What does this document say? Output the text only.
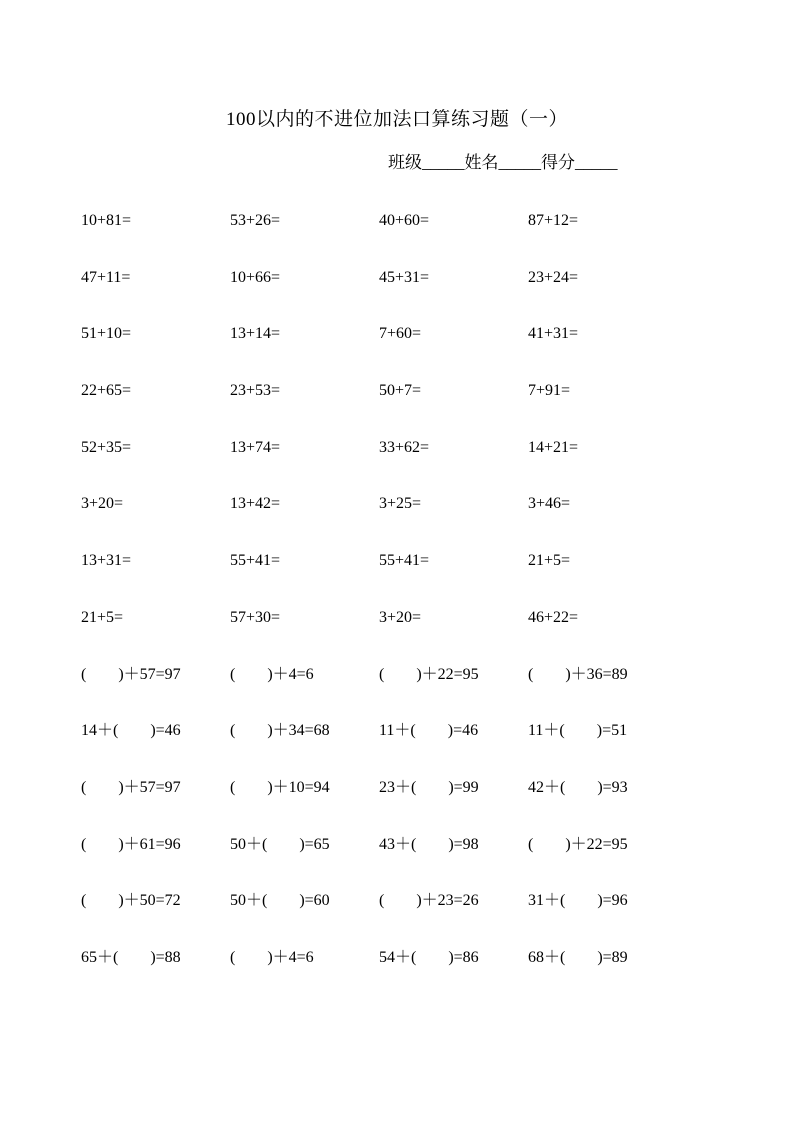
100以内的不进位加法口算练习题（一）
班级_____姓名_____得分_____
10+81=	53+26=	40+60=	87+12=
47+11=	10+66=	45+31=	23+24=
51+10=	13+14=	7+60=	41+31=
22+65=	23+53=	50+7=	7+91=
52+35=	13+74=	33+62=	14+21=
3+20=	13+42=	3+25=	3+46=
13+31=	55+41=	55+41=	21+5=
21+5=	57+30=	3+20=	46+22=
(        )＋57=97	(        )＋4=6	(        )＋22=95	(        )＋36=89
14＋(        )=46	(        )＋34=68	11＋(        )=46	11＋(        )=51
(        )＋57=97	(        )＋10=94	23＋(        )=99	42＋(        )=93
(        )＋61=96	50＋(        )=65	43＋(        )=98	(        )＋22=95
(        )＋50=72	50＋(        )=60	(        )＋23=26	31＋(        )=96
65＋(        )=88	(        )＋4=6	54＋(        )=86	68＋(        )=89
